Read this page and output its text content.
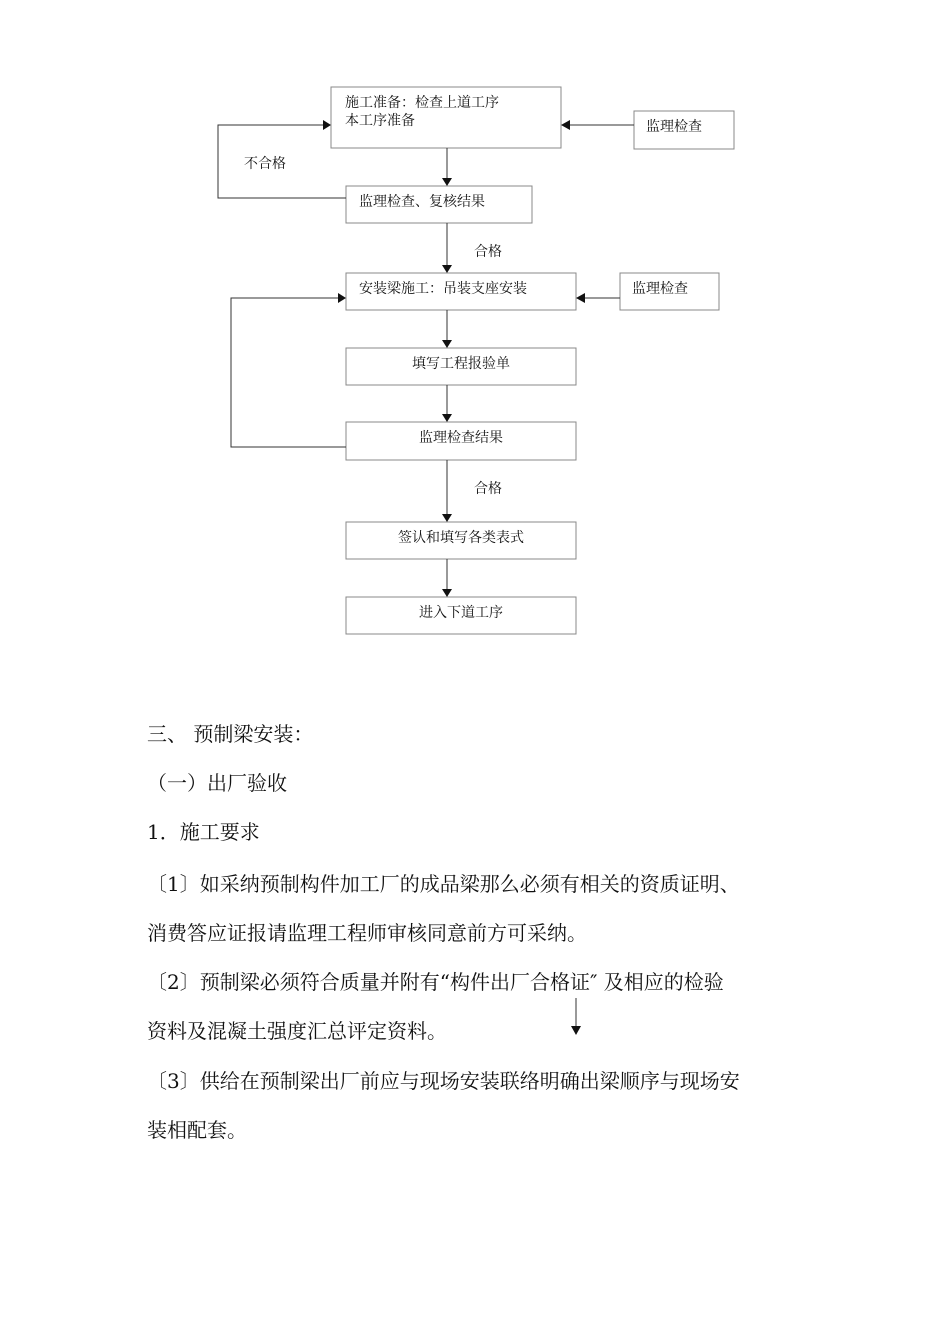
施工准备：检查上道工序
本工序准备	监理检查
监理检查、复核结果
安装梁施工：吊装支座安装	监理检查
填写工程报验单
监理检查结果
签认和填写各类表式
进入下道工序
不合格
合格
合格
三、 预制梁安装：
（一）出厂验收
1．施工要求
〔1〕如采纳预制构件加工厂的成品梁那么必须有相关的资质证明、
消费答应证报请监理工程师审核同意前方可采纳。
〔2〕预制梁必须符合质量并附有“构件出厂合格证″ 及相应的检验
资料及混凝土强度汇总评定资料。
〔3〕供给在预制梁出厂前应与现场安装联络明确出梁顺序与现场安
装相配套。
